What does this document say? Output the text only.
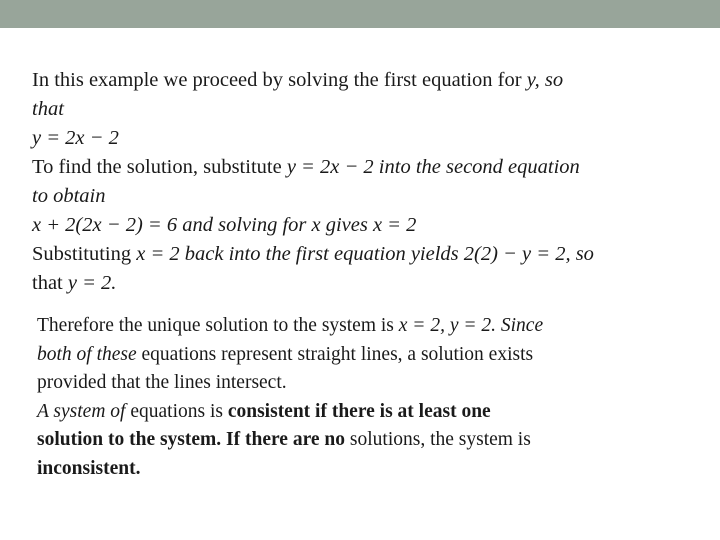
In this example we proceed by solving the first equation for y, so
that
y = 2x − 2
To find the solution, substitute y = 2x − 2 into the second equation
to obtain
x + 2(2x − 2) = 6 and solving for x gives x = 2
Substituting x = 2 back into the first equation yields 2(2) − y = 2, so
that y = 2.
Therefore the unique solution to the system is x = 2, y = 2. Since
both of these equations represent straight lines, a solution exists
provided that the lines intersect.
A system of equations is consistent if there is at least one
solution to the system. If there are no solutions, the system is
inconsistent.
